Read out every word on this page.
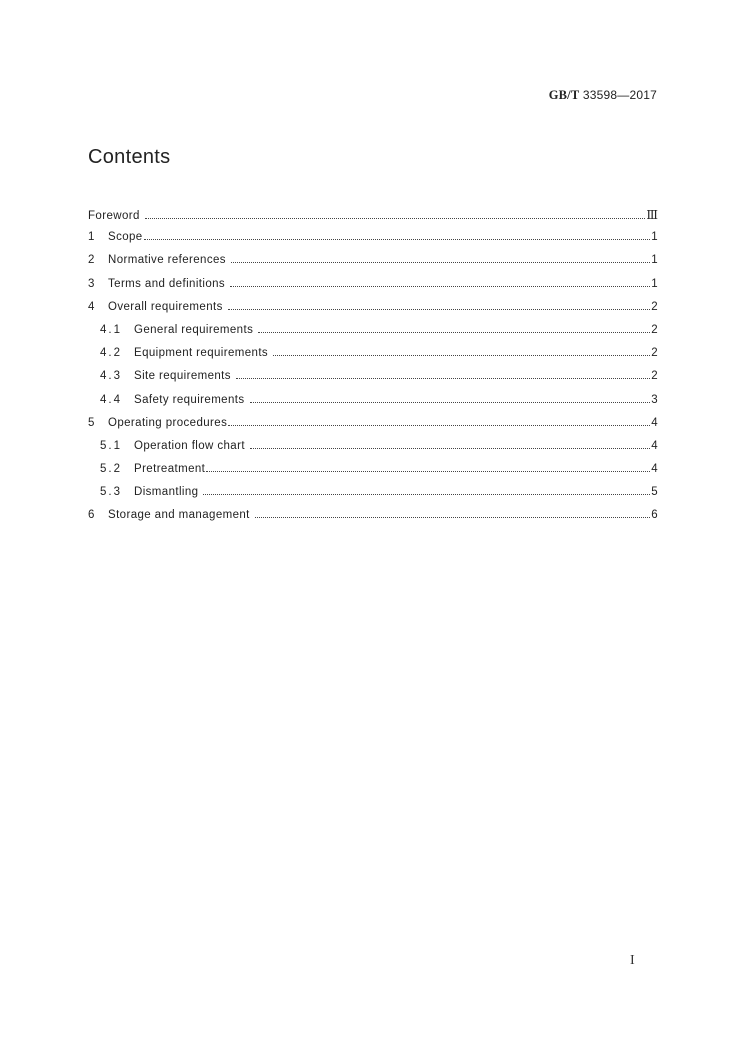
GB/T 33598—2017
Contents
Foreword	Ⅲ
1	Scope	1
2	Normative references	1
3	Terms and definitions	1
4	Overall requirements	2
4.1	General requirements	2
4.2	Equipment requirements	2
4.3	Site requirements	2
4.4	Safety requirements	3
5	Operating procedures	4
5.1	Operation flow chart	4
5.2	Pretreatment	4
5.3	Dismantling	5
6	Storage and management	6
I
